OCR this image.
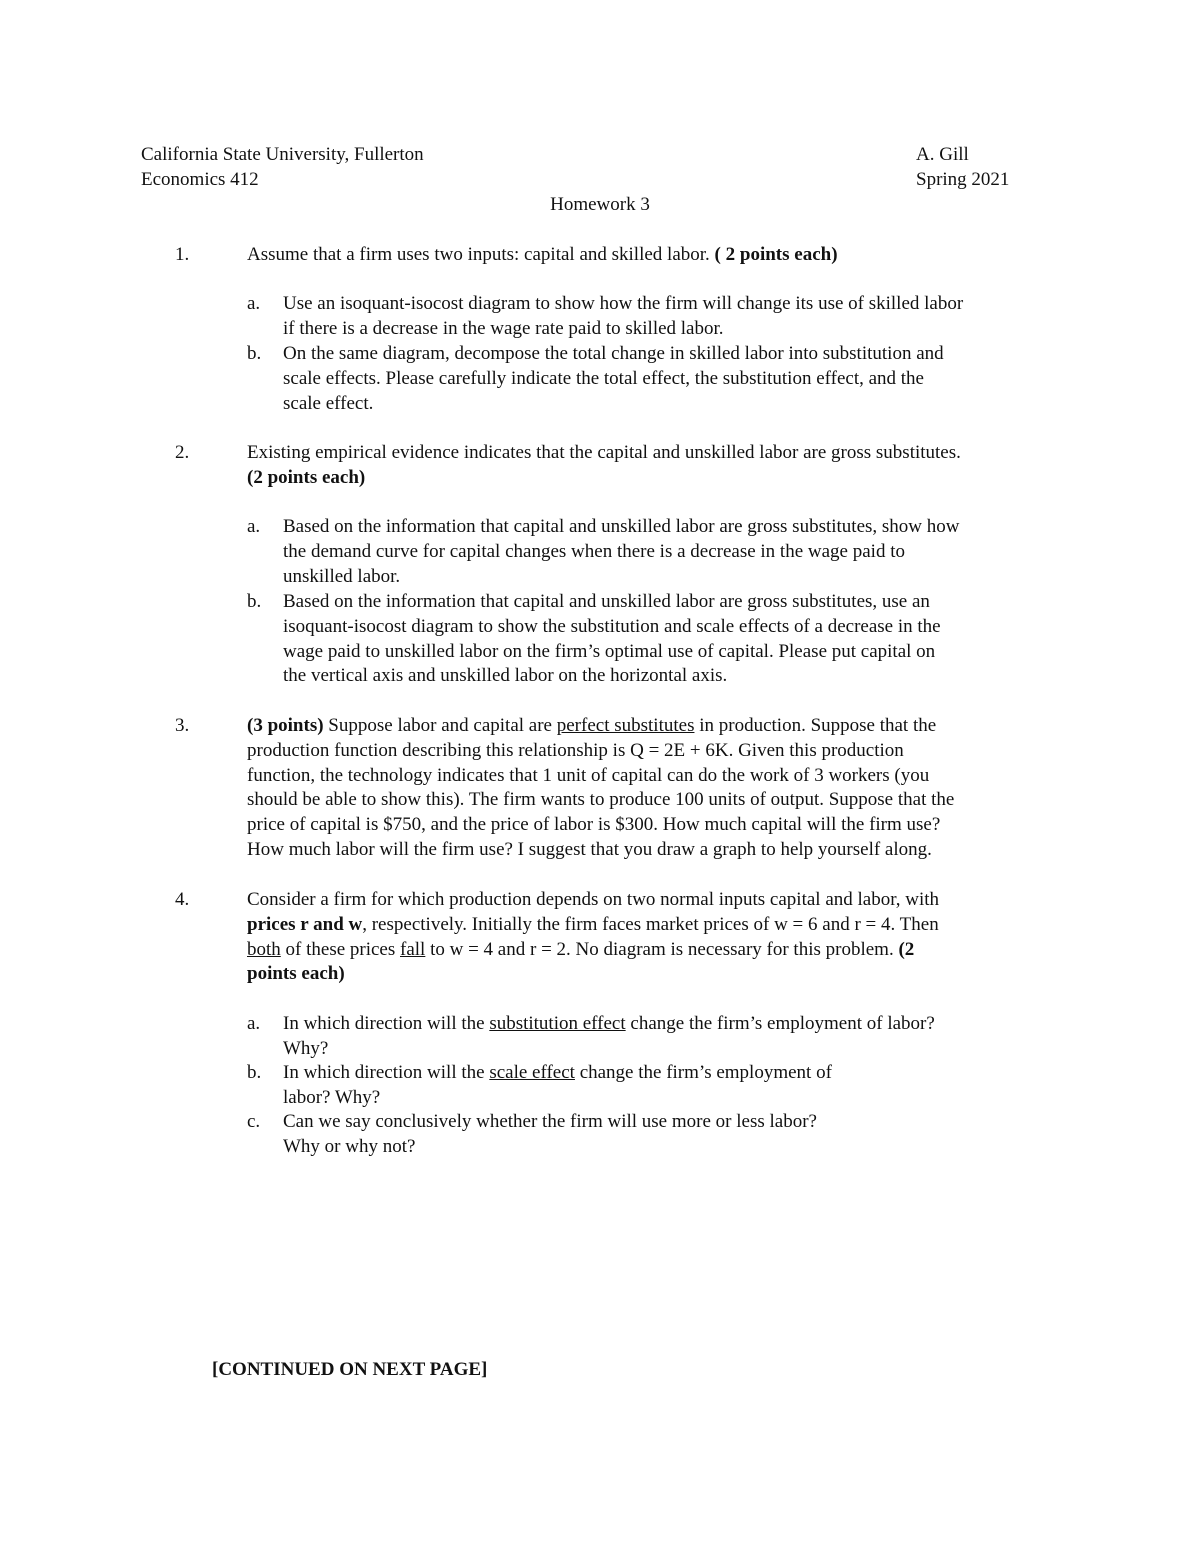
California State University, Fullerton	A. Gill
Economics 412	Spring 2021
Homework 3
1.	Assume that a firm uses two inputs: capital and skilled labor. ( 2 points each)
a. Use an isoquant-isocost diagram to show how the firm will change its use of skilled labor
if there is a decrease in the wage rate paid to skilled labor.
b. On the same diagram, decompose the total change in skilled labor into substitution and
scale effects. Please carefully indicate the total effect, the substitution effect, and the
scale effect.
2.	Existing empirical evidence indicates that the capital and unskilled labor are gross substitutes.
(2 points each)
a. Based on the information that capital and unskilled labor are gross substitutes, show how
the demand curve for capital changes when there is a decrease in the wage paid to
unskilled labor.
b. Based on the information that capital and unskilled labor are gross substitutes, use an
isoquant-isocost diagram to show the substitution and scale effects of a decrease in the
wage paid to unskilled labor on the firm’s optimal use of capital. Please put capital on
the vertical axis and unskilled labor on the horizontal axis.
3.	(3 points) Suppose labor and capital are perfect substitutes in production. Suppose that the
production function describing this relationship is Q = 2E + 6K. Given this production
function, the technology indicates that 1 unit of capital can do the work of 3 workers (you
should be able to show this). The firm wants to produce 100 units of output. Suppose that the
price of capital is $750, and the price of labor is $300. How much capital will the firm use?
How much labor will the firm use? I suggest that you draw a graph to help yourself along.
4.	Consider a firm for which production depends on two normal inputs capital and labor, with
prices r and w, respectively. Initially the firm faces market prices of w = 6 and r = 4. Then
both of these prices fall to w = 4 and r = 2. No diagram is necessary for this problem. (2
points each)
a. In which direction will the substitution effect change the firm’s employment of labor?
Why?
b. In which direction will the scale effect change the firm’s employment of
labor? Why?
c. Can we say conclusively whether the firm will use more or less labor?
Why or why not?
[CONTINUED ON NEXT PAGE]
